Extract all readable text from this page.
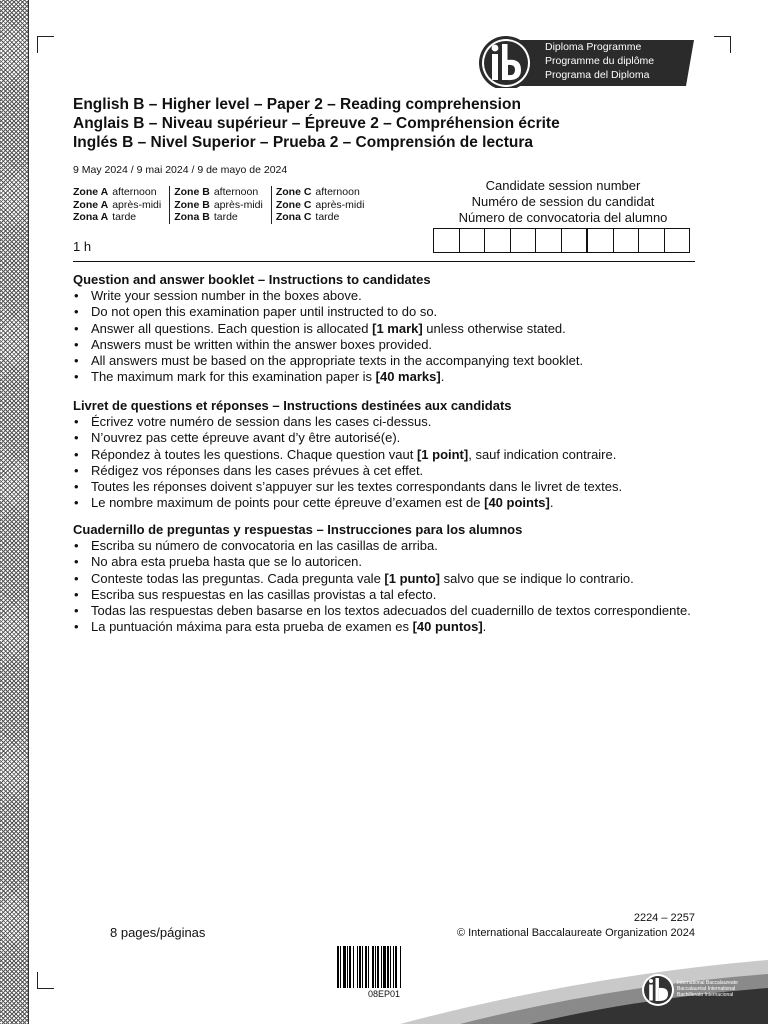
Diploma Programme
Programme du diplôme
Programa del Diploma
English B – Higher level – Paper 2 – Reading comprehension
Anglais B – Niveau supérieur – Épreuve 2 – Compréhension écrite
Inglés B – Nivel Superior – Prueba 2 – Comprensión de lectura
9 May 2024 / 9 mai 2024 / 9 de mayo de 2024
Zone A afternoon
Zone A après-midi
Zona A tarde
Zone B afternoon
Zone B après-midi
Zona B tarde
Zone C afternoon
Zone C après-midi
Zona C tarde
Candidate session number
Numéro de session du candidat
Número de convocatoria del alumno
1 h
Question and answer booklet – Instructions to candidates
• Write your session number in the boxes above.
• Do not open this examination paper until instructed to do so.
• Answer all questions. Each question is allocated [1 mark] unless otherwise stated.
• Answers must be written within the answer boxes provided.
• All answers must be based on the appropriate texts in the accompanying text booklet.
• The maximum mark for this examination paper is [40 marks].
Livret de questions et réponses – Instructions destinées aux candidats
• Écrivez votre numéro de session dans les cases ci-dessus.
• N’ouvrez pas cette épreuve avant d’y être autorisé(e).
• Répondez à toutes les questions. Chaque question vaut [1 point], sauf indication contraire.
• Rédigez vos réponses dans les cases prévues à cet effet.
• Toutes les réponses doivent s’appuyer sur les textes correspondants dans le livret de textes.
• Le nombre maximum de points pour cette épreuve d’examen est de [40 points].
Cuadernillo de preguntas y respuestas – Instrucciones para los alumnos
• Escriba su número de convocatoria en las casillas de arriba.
• No abra esta prueba hasta que se lo autoricen.
• Conteste todas las preguntas. Cada pregunta vale [1 punto] salvo que se indique lo contrario.
• Escriba sus respuestas en las casillas provistas a tal efecto.
• Todas las respuestas deben basarse en los textos adecuados del cuadernillo de textos correspondiente.
• La puntuación máxima para esta prueba de examen es [40 puntos].
8 pages/páginas
2224 – 2257
© International Baccalaureate Organization 2024
08EP01
International Baccalaureate
Baccalauréat International
Bachillerato Internacional
